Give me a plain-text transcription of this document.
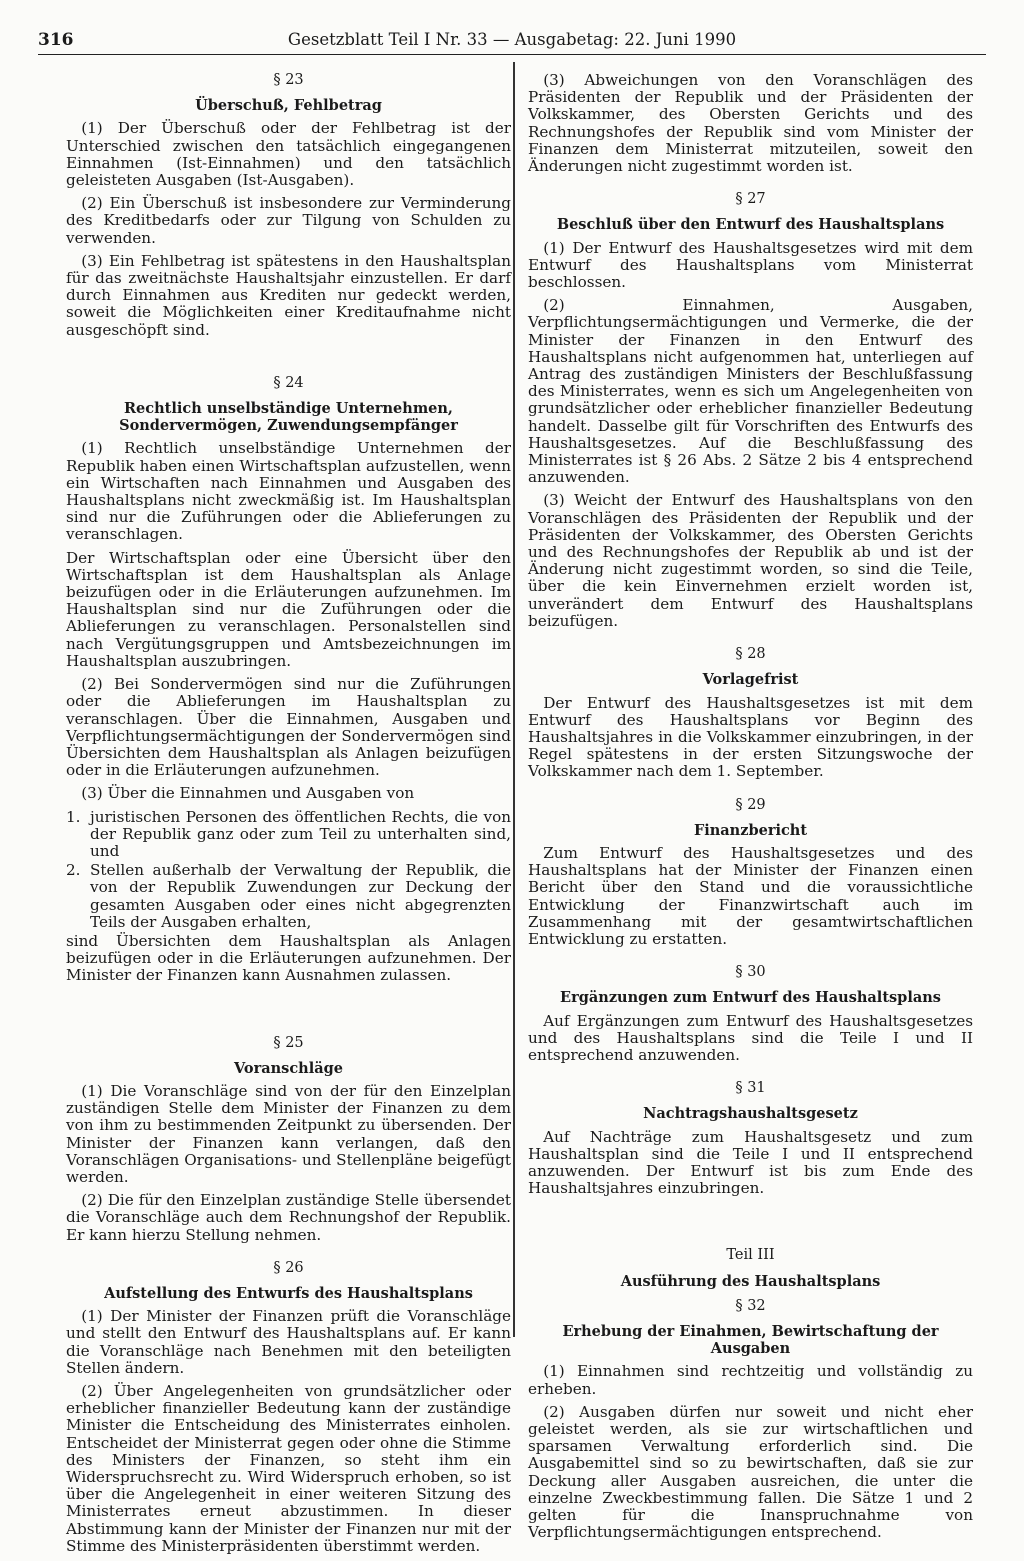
316	Gesetzblatt Teil I Nr. 33 — Ausgabetag: 22. Juni 1990
§ 23
Überschuß, Fehlbetrag

(1) Der Überschuß oder der Fehlbetrag ist der Unterschied zwischen den tatsächlich eingegangenen Einnahmen (Ist-Einnahmen) und den tatsächlich geleisteten Ausgaben (Ist-Ausgaben).

(2) Ein Überschuß ist insbesondere zur Verminderung des Kreditbedarfs oder zur Tilgung von Schulden zu verwenden.

(3) Ein Fehlbetrag ist spätestens in den Haushaltsplan für das zweitnächste Haushaltsjahr einzustellen. Er darf durch Einnahmen aus Krediten nur gedeckt werden, soweit die Möglichkeiten einer Kreditaufnahme nicht ausgeschöpft sind.

§ 24
Rechtlich unselbständige Unternehmen, Sondervermögen, Zuwendungsempfänger

(1) Rechtlich unselbständige Unternehmen der Republik haben einen Wirtschaftsplan aufzustellen, wenn ein Wirtschaften nach Einnahmen und Ausgaben des Haushaltsplans nicht zweckmäßig ist. Im Haushaltsplan sind nur die Zuführungen oder die Ablieferungen zu veranschlagen.

Der Wirtschaftsplan oder eine Übersicht über den Wirtschaftsplan ist dem Haushaltsplan als Anlage beizufügen oder in die Erläuterungen aufzunehmen. Im Haushaltsplan sind nur die Zuführungen oder die Ablieferungen zu veranschlagen. Personalstellen sind nach Vergütungsgruppen und Amtsbezeichnungen im Haushaltsplan auszubringen.

(2) Bei Sondervermögen sind nur die Zuführungen oder die Ablieferungen im Haushaltsplan zu veranschlagen. Über die Einnahmen, Ausgaben und Verpflichtungsermächtigungen der Sondervermögen sind Übersichten dem Haushaltsplan als Anlagen beizufügen oder in die Erläuterungen aufzunehmen.

(3) Über die Einnahmen und Ausgaben von

1. juristischen Personen des öffentlichen Rechts, die von der Republik ganz oder zum Teil zu unterhalten sind, und
2. Stellen außerhalb der Verwaltung der Republik, die von der Republik Zuwendungen zur Deckung der gesamten Ausgaben oder eines nicht abgegrenzten Teils der Ausgaben erhalten,

sind Übersichten dem Haushaltsplan als Anlagen beizufügen oder in die Erläuterungen aufzunehmen. Der Minister der Finanzen kann Ausnahmen zulassen.

§ 25
Voranschläge

(1) Die Voranschläge sind von der für den Einzelplan zuständigen Stelle dem Minister der Finanzen zu dem von ihm zu bestimmenden Zeitpunkt zu übersenden. Der Minister der Finanzen kann verlangen, daß den Voranschlägen Organisations- und Stellenpläne beigefügt werden.

(2) Die für den Einzelplan zuständige Stelle übersendet die Voranschläge auch dem Rechnungshof der Republik. Er kann hierzu Stellung nehmen.

§ 26
Aufstellung des Entwurfs des Haushaltsplans

(1) Der Minister der Finanzen prüft die Voranschläge und stellt den Entwurf des Haushaltsplans auf. Er kann die Voranschläge nach Benehmen mit den beteiligten Stellen ändern.

(2) Über Angelegenheiten von grundsätzlicher oder erheblicher finanzieller Bedeutung kann der zuständige Minister die Entscheidung des Ministerrates einholen. Entscheidet der Ministerrat gegen oder ohne die Stimme des Ministers der Finanzen, so steht ihm ein Widerspruchsrecht zu. Wird Widerspruch erhoben, so ist über die Angelegenheit in einer weiteren Sitzung des Ministerrates erneut abzustimmen. In dieser Abstimmung kann der Minister der Finanzen nur mit der Stimme des Ministerpräsidenten überstimmt werden.

(3) Abweichungen von den Voranschlägen des Präsidenten der Republik und der Präsidenten der Volkskammer, des Obersten Gerichts und des Rechnungshofes der Republik sind vom Minister der Finanzen dem Ministerrat mitzuteilen, soweit den Änderungen nicht zugestimmt worden ist.

§ 27
Beschluß über den Entwurf des Haushaltsplans

(1) Der Entwurf des Haushaltsgesetzes wird mit dem Entwurf des Haushaltsplans vom Ministerrat beschlossen.

(2) Einnahmen, Ausgaben, Verpflichtungsermächtigungen und Vermerke, die der Minister der Finanzen in den Entwurf des Haushaltsplans nicht aufgenommen hat, unterliegen auf Antrag des zuständigen Ministers der Beschlußfassung des Ministerrates, wenn es sich um Angelegenheiten von grundsätzlicher oder erheblicher finanzieller Bedeutung handelt. Dasselbe gilt für Vorschriften des Entwurfs des Haushaltsgesetzes. Auf die Beschlußfassung des Ministerrates ist § 26 Abs. 2 Sätze 2 bis 4 entsprechend anzuwenden.

(3) Weicht der Entwurf des Haushaltsplans von den Voranschlägen des Präsidenten der Republik und der Präsidenten der Volkskammer, des Obersten Gerichts und des Rechnungshofes der Republik ab und ist der Änderung nicht zugestimmt worden, so sind die Teile, über die kein Einvernehmen erzielt worden ist, unverändert dem Entwurf des Haushaltsplans beizufügen.

§ 28
Vorlagefrist

Der Entwurf des Haushaltsgesetzes ist mit dem Entwurf des Haushaltsplans vor Beginn des Haushaltsjahres in die Volkskammer einzubringen, in der Regel spätestens in der ersten Sitzungswoche der Volkskammer nach dem 1. September.

§ 29
Finanzbericht

Zum Entwurf des Haushaltsgesetzes und des Haushaltsplans hat der Minister der Finanzen einen Bericht über den Stand und die voraussichtliche Entwicklung der Finanzwirtschaft auch im Zusammenhang mit der gesamtwirtschaftlichen Entwicklung zu erstatten.

§ 30
Ergänzungen zum Entwurf des Haushaltsplans

Auf Ergänzungen zum Entwurf des Haushaltsgesetzes und des Haushaltsplans sind die Teile I und II entsprechend anzuwenden.

§ 31
Nachtragshaushaltsgesetz

Auf Nachträge zum Haushaltsgesetz und zum Haushaltsplan sind die Teile I und II entsprechend anzuwenden. Der Entwurf ist bis zum Ende des Haushaltsjahres einzubringen.

Teil III
Ausführung des Haushaltsplans
§ 32
Erhebung der Einahmen, Bewirtschaftung der Ausgaben

(1) Einnahmen sind rechtzeitig und vollständig zu erheben.

(2) Ausgaben dürfen nur soweit und nicht eher geleistet werden, als sie zur wirtschaftlichen und sparsamen Verwaltung erforderlich sind. Die Ausgabemittel sind so zu bewirtschaften, daß sie zur Deckung aller Ausgaben ausreichen, die unter die einzelne Zweckbestimmung fallen. Die Sätze 1 und 2 gelten für die Inanspruchnahme von Verpflichtungsermächtigungen entsprechend.
